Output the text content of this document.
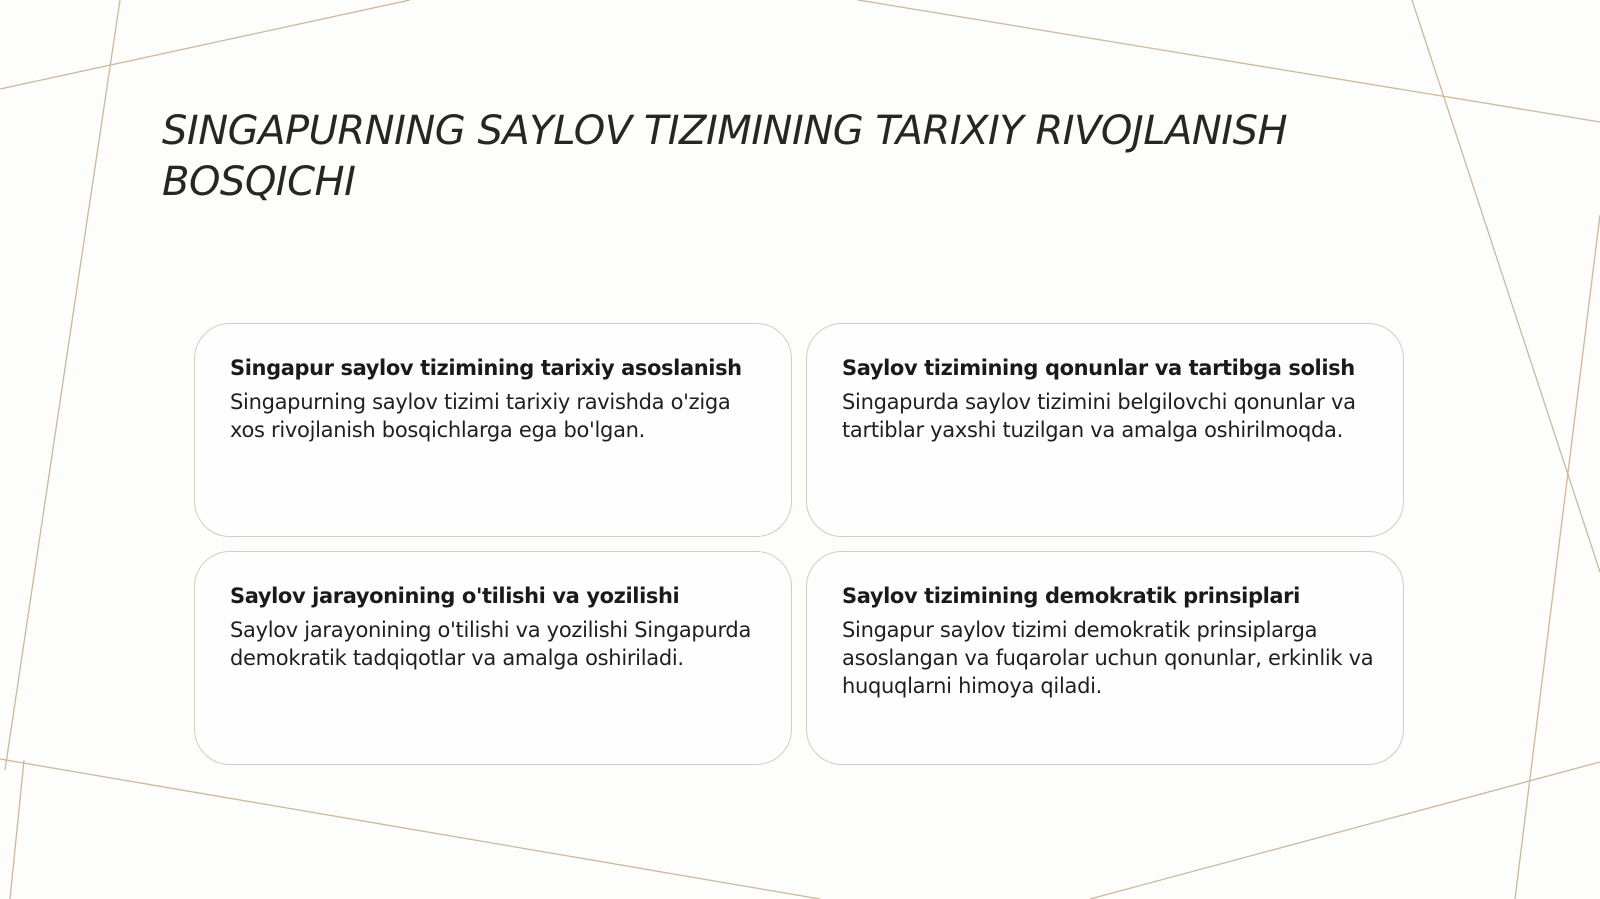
SINGAPURNING SAYLOV TIZIMINING TARIXIY RIVOJLANISH
BOSQICHI
Singapur saylov tizimining tarixiy asoslanish
Singapurning saylov tizimi tarixiy ravishda o'ziga xos rivojlanish bosqichlarga ega bo'lgan.
Saylov tizimining qonunlar va tartibga solish
Singapurda saylov tizimini belgilovchi qonunlar va tartiblar yaxshi tuzilgan va amalga oshirilmoqda.
Saylov jarayonining o'tilishi va yozilishi
Saylov jarayonining o'tilishi va yozilishi Singapurda demokratik tadqiqotlar va amalga oshiriladi.
Saylov tizimining demokratik prinsiplari
Singapur saylov tizimi demokratik prinsiplarga asoslangan va fuqarolar uchun qonunlar, erkinlik va huquqlarni himoya qiladi.
